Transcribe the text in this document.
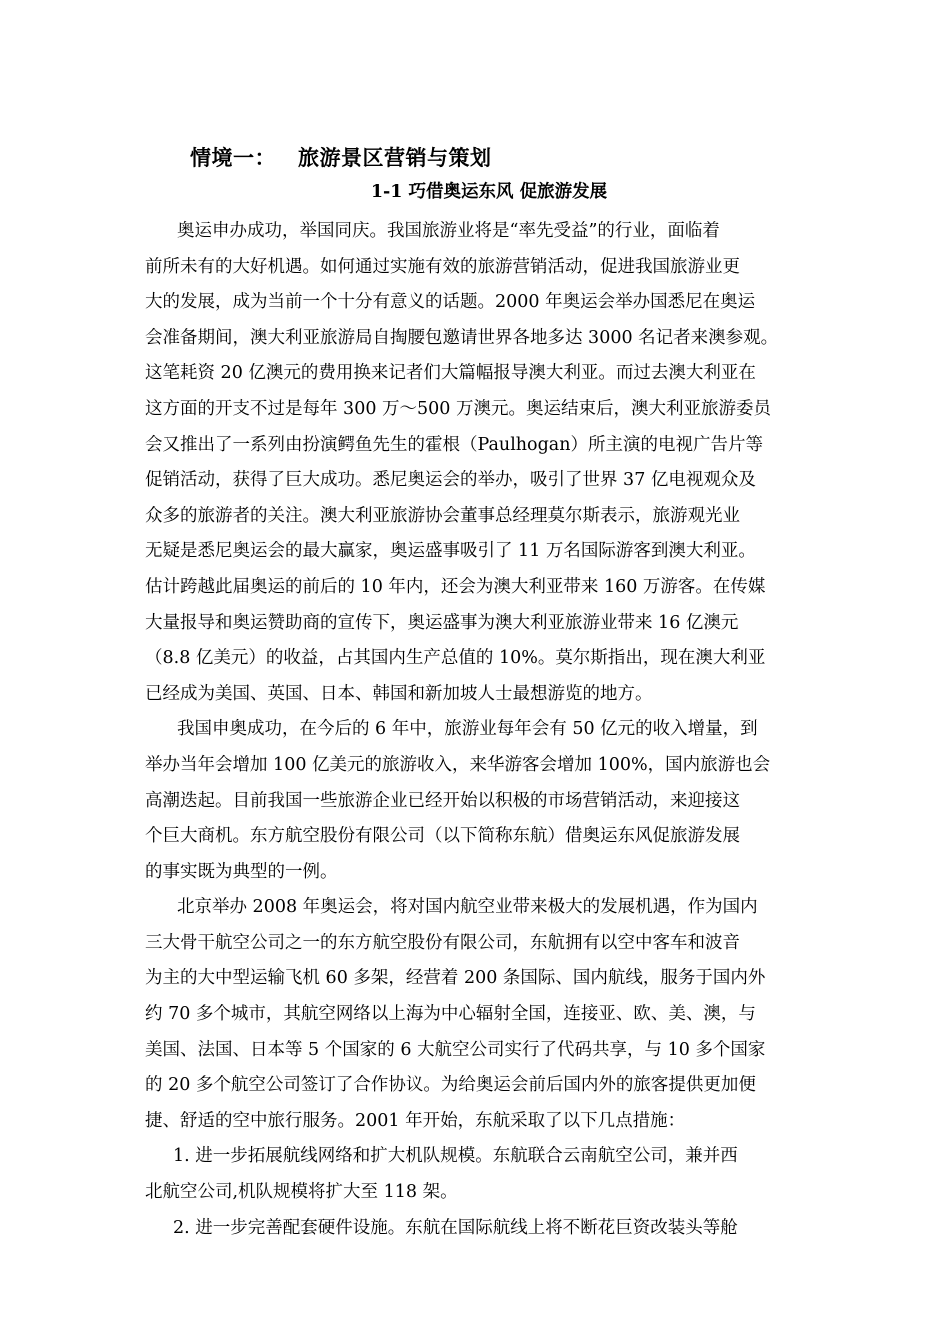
情境一： 旅游景区营销与策划
1-1 巧借奥运东风 促旅游发展
奥运申办成功，举国同庆。我国旅游业将是“率先受益”的行业，面临着
前所未有的大好机遇。如何通过实施有效的旅游营销活动，促进我国旅游业更
大的发展，成为当前一个十分有意义的话题。2000 年奥运会举办国悉尼在奥运
会准备期间，澳大利亚旅游局自掏腰包邀请世界各地多达 3000 名记者来澳参观。
这笔耗资 20 亿澳元的费用换来记者们大篇幅报导澳大利亚。而过去澳大利亚在
这方面的开支不过是每年 300 万～500 万澳元。奥运结束后，澳大利亚旅游委员
会又推出了一系列由扮演鳄鱼先生的霍根（Paulhogan）所主演的电视广告片等
促销活动，获得了巨大成功。悉尼奥运会的举办，吸引了世界 37 亿电视观众及
众多的旅游者的关注。澳大利亚旅游协会董事总经理莫尔斯表示，旅游观光业
无疑是悉尼奥运会的最大赢家，奥运盛事吸引了 11 万名国际游客到澳大利亚。
估计跨越此届奥运的前后的 10 年内，还会为澳大利亚带来 160 万游客。在传媒
大量报导和奥运赞助商的宣传下，奥运盛事为澳大利亚旅游业带来 16 亿澳元
（8.8 亿美元）的收益，占其国内生产总值的 10%。莫尔斯指出，现在澳大利亚
已经成为美国、英国、日本、韩国和新加坡人士最想游览的地方。
我国申奥成功，在今后的 6 年中，旅游业每年会有 50 亿元的收入增量，到
举办当年会增加 100 亿美元的旅游收入，来华游客会增加 100%，国内旅游也会
高潮迭起。目前我国一些旅游企业已经开始以积极的市场营销活动，来迎接这
个巨大商机。东方航空股份有限公司（以下简称东航）借奥运东风促旅游发展
的事实既为典型的一例。
北京举办 2008 年奥运会，将对国内航空业带来极大的发展机遇，作为国内
三大骨干航空公司之一的东方航空股份有限公司，东航拥有以空中客车和波音
为主的大中型运输飞机 60 多架，经营着 200 条国际、国内航线，服务于国内外
约 70 多个城市，其航空网络以上海为中心辐射全国，连接亚、欧、美、澳，与
美国、法国、日本等 5 个国家的 6 大航空公司实行了代码共享，与 10 多个国家
的 20 多个航空公司签订了合作协议。为给奥运会前后国内外的旅客提供更加便
捷、舒适的空中旅行服务。2001 年开始，东航采取了以下几点措施：
1. 进一步拓展航线网络和扩大机队规模。东航联合云南航空公司，兼并西
北航空公司,机队规模将扩大至 118 架。
2. 进一步完善配套硬件设施。东航在国际航线上将不断花巨资改装头等舱
